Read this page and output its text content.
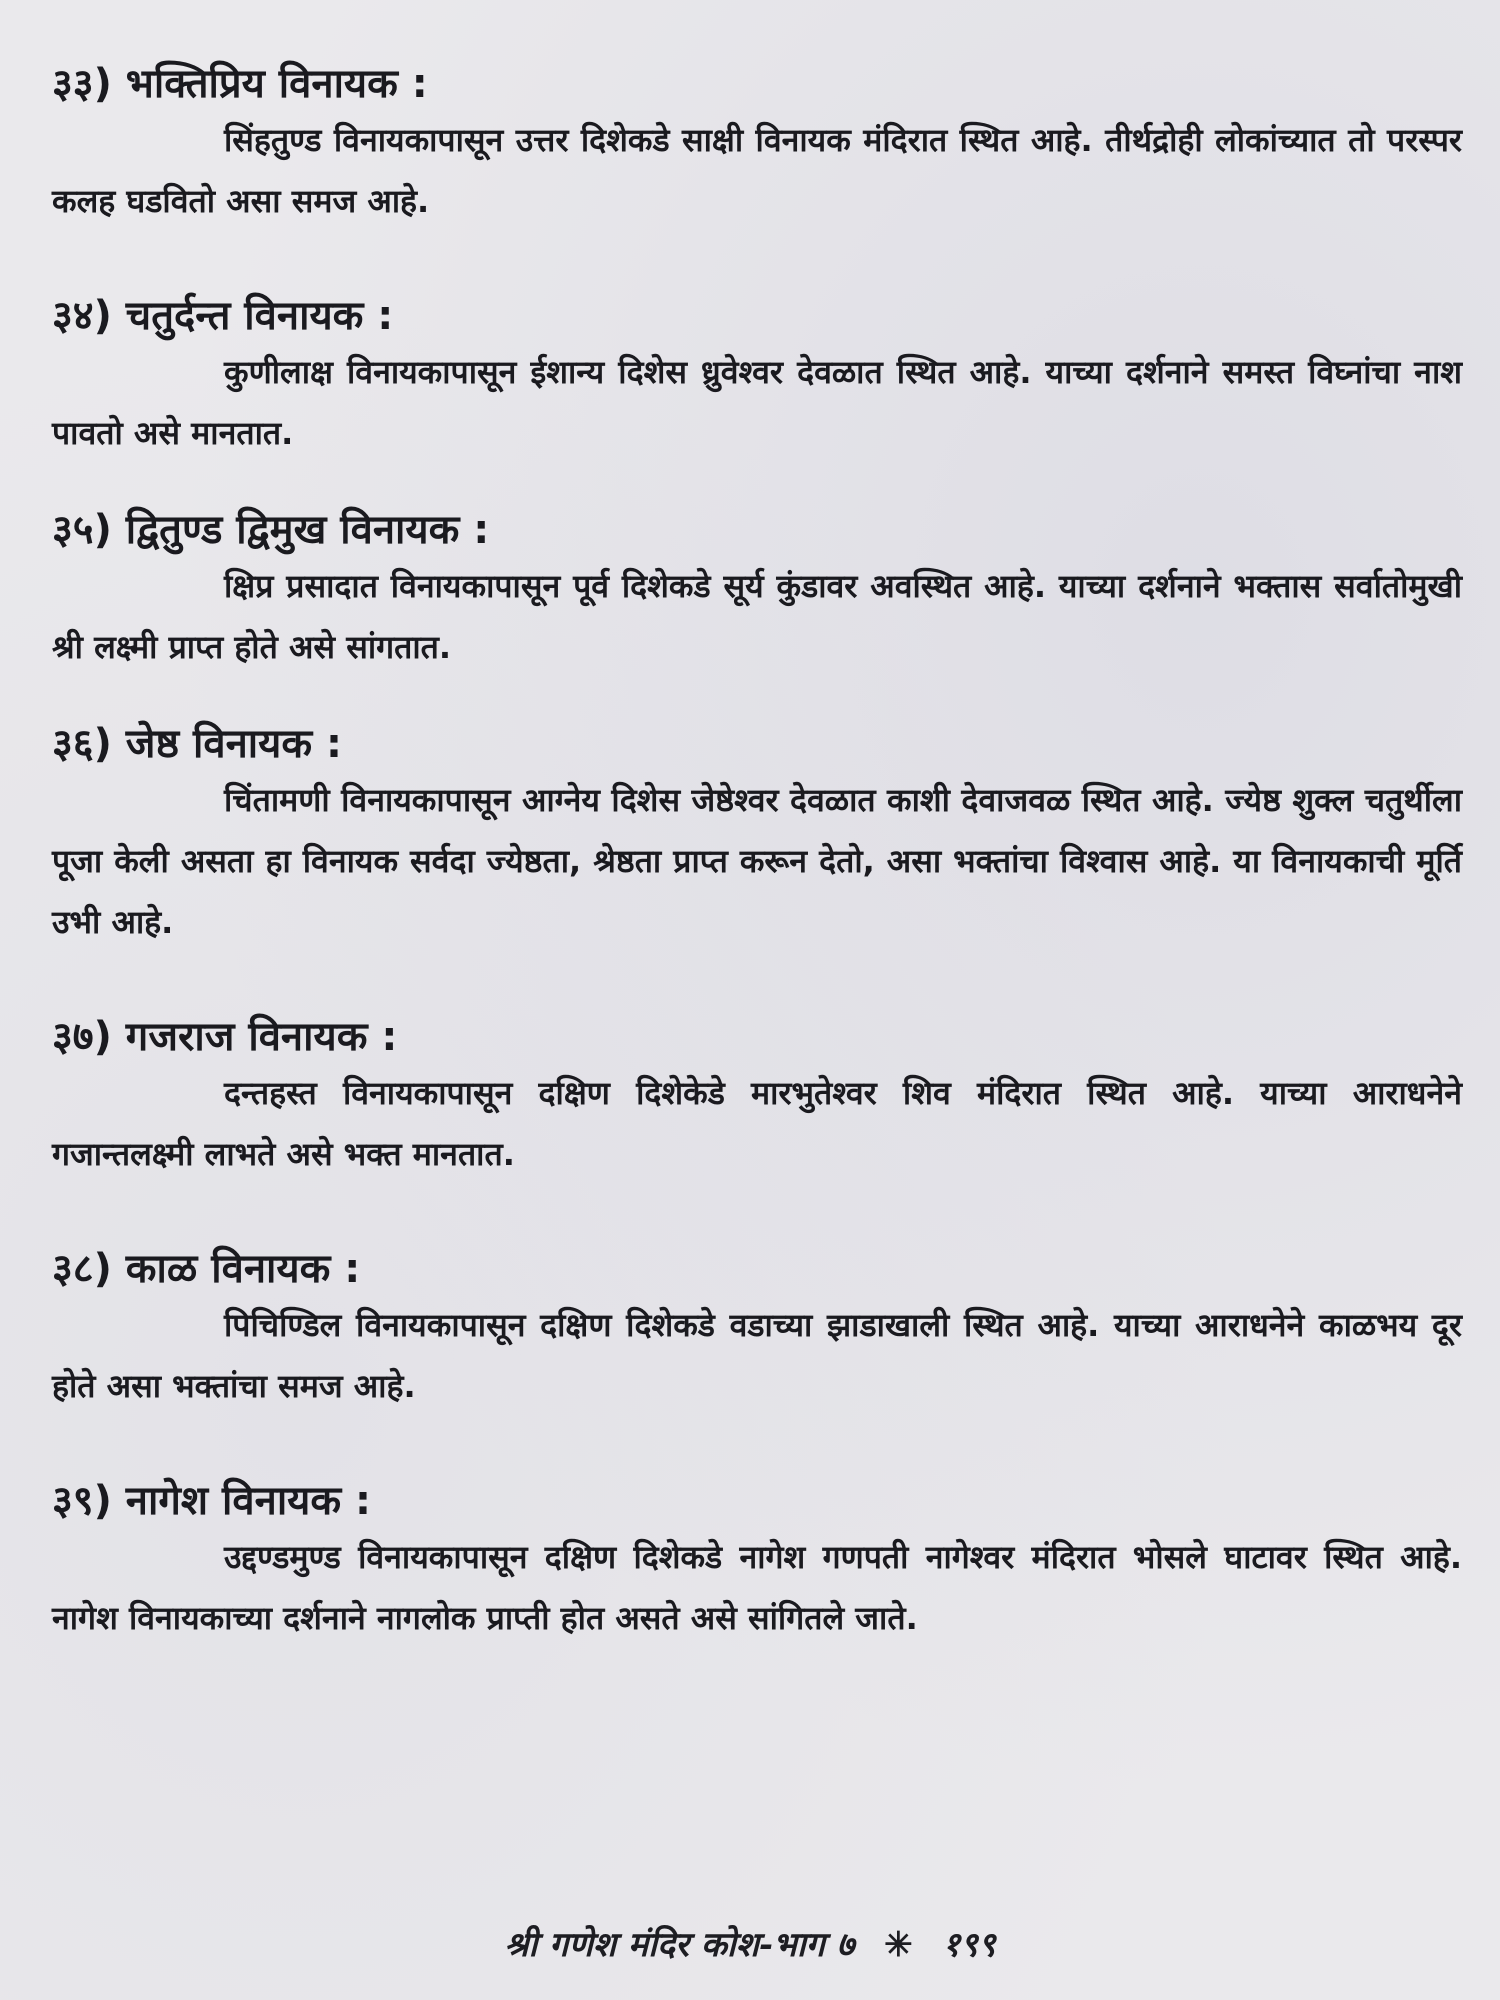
३३) भक्तिप्रिय विनायक :

सिंहतुण्ड विनायकापासून उत्तर दिशेकडे साक्षी विनायक मंदिरात स्थित आहे. तीर्थद्रोही लोकांच्यात तो परस्पर कलह घडवितो असा समज आहे.

३४) चतुर्दन्त विनायक :

कुणीलाक्ष विनायकापासून ईशान्य दिशेस ध्रुवेश्वर देवळात स्थित आहे. याच्या दर्शनाने समस्त विघ्नांचा नाश पावतो असे मानतात.

३५) द्वितुण्ड द्विमुख विनायक :

क्षिप्र प्रसादात विनायकापासून पूर्व दिशेकडे सूर्य कुंडावर अवस्थित आहे. याच्या दर्शनाने भक्तास सर्वातोमुखी श्री लक्ष्मी प्राप्त होते असे सांगतात.

३६) जेष्ठ विनायक :

चिंतामणी विनायकापासून आग्नेय दिशेस जेष्ठेश्वर देवळात काशी देवाजवळ स्थित आहे. ज्येष्ठ शुक्ल चतुर्थीला पूजा केली असता हा विनायक सर्वदा ज्येष्ठता, श्रेष्ठता प्राप्त करून देतो, असा भक्तांचा विश्वास आहे. या विनायकाची मूर्ति उभी आहे.

३७) गजराज विनायक :

दन्तहस्त विनायकापासून दक्षिण दिशेकेडे मारभुतेश्वर शिव मंदिरात स्थित आहे. याच्या आराधनेने गजान्तलक्ष्मी लाभते असे भक्त मानतात.

३८) काळ विनायक :

पिचिण्डिल विनायकापासून दक्षिण दिशेकडे वडाच्या झाडाखाली स्थित आहे. याच्या आराधनेने काळभय दूर होते असा भक्तांचा समज आहे.

३९) नागेश विनायक :

उद्दण्डमुण्ड विनायकापासून दक्षिण दिशेकडे नागेश गणपती नागेश्वर मंदिरात भोसले घाटावर स्थित आहे. नागेश विनायकाच्या दर्शनाने नागलोक प्राप्ती होत असते असे सांगितले जाते.

श्री गणेश मंदिर कोश-भाग ७ ✳ १९९
